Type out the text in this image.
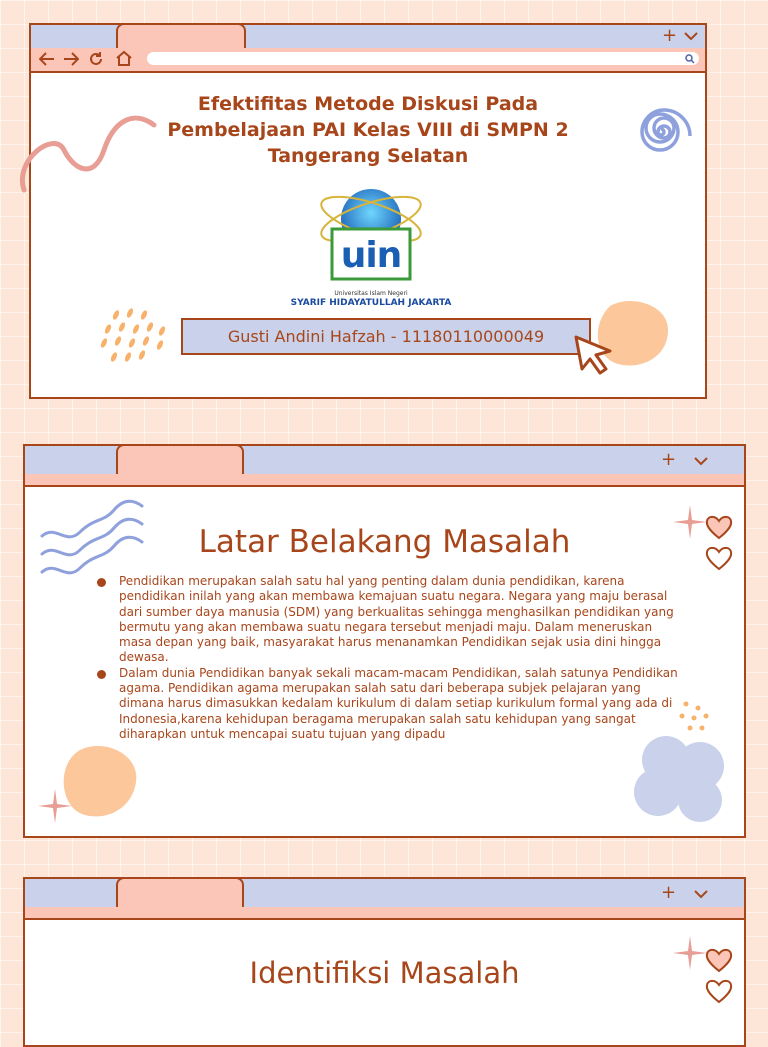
+
Efektifitas Metode Diskusi Pada
Pembelajaan PAI Kelas VIII di SMPN 2
Tangerang Selatan
uin
Universitas Islam Negeri
SYARIF HIDAYATULLAH JAKARTA
Gusti Andini Hafzah - 11180110000049
+
Latar Belakang Masalah
Pendidikan merupakan salah satu hal yang penting dalam dunia pendidikan, karena pendidikan inilah yang akan membawa kemajuan suatu negara. Negara yang maju berasal dari sumber daya manusia (SDM) yang berkualitas sehingga menghasilkan pendidikan yang bermutu yang akan membawa suatu negara tersebut menjadi maju. Dalam meneruskan masa depan yang baik, masyarakat harus menanamkan Pendidikan sejak usia dini hingga dewasa.
Dalam dunia Pendidikan banyak sekali macam-macam Pendidikan, salah satunya Pendidikan agama. Pendidikan agama merupakan salah satu dari beberapa subjek pelajaran yang dimana harus dimasukkan kedalam kurikulum di dalam setiap kurikulum formal yang ada di Indonesia,karena kehidupan beragama merupakan salah satu kehidupan yang sangat diharapkan untuk mencapai suatu tujuan yang dipadu
+
Identifiksi Masalah
